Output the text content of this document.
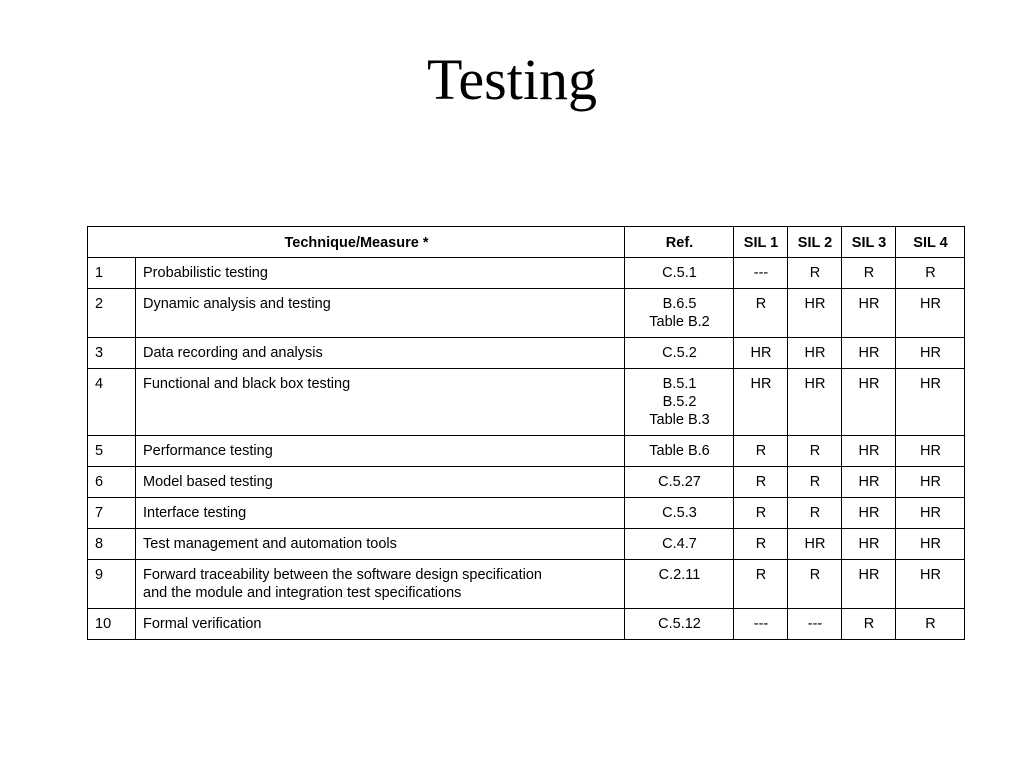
Testing
Technique/Measure *		Ref.	SIL 1	SIL 2	SIL 3	SIL 4
1	Probabilistic testing	C.5.1	---	R	R	R
2	Dynamic analysis and testing	B.6.5
Table B.2	R	HR	HR	HR
3	Data recording and analysis	C.5.2	HR	HR	HR	HR
4	Functional and black box testing	B.5.1
B.5.2
Table B.3	HR	HR	HR	HR
5	Performance testing	Table B.6	R	R	HR	HR
6	Model based testing	C.5.27	R	R	HR	HR
7	Interface testing	C.5.3	R	R	HR	HR
8	Test management and automation tools	C.4.7	R	HR	HR	HR
9	Forward traceability between the software design specification
and the module and integration test specifications	C.2.11	R	R	HR	HR
10	Formal verification	C.5.12	---	---	R	R
